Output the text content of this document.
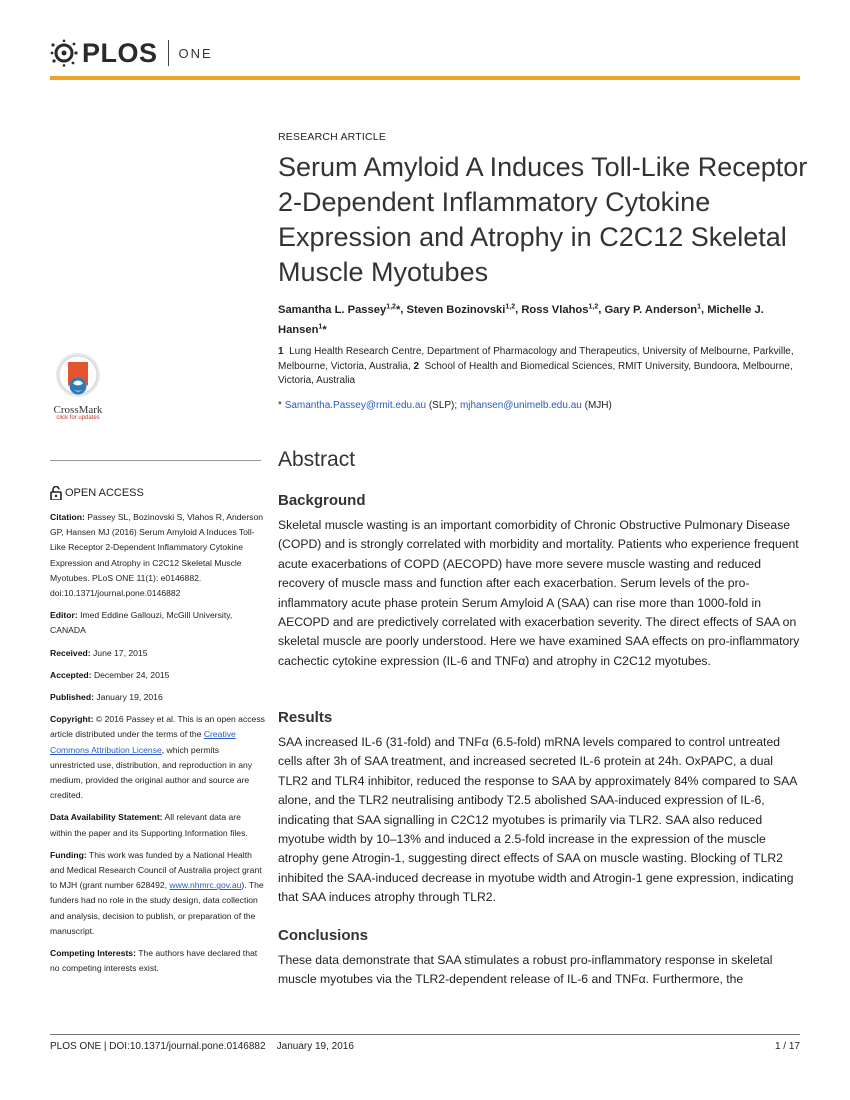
PLOS ONE
CrossMark
click for updates
OPEN ACCESS

Citation: Passey SL, Bozinovski S, Vlahos R, Anderson GP, Hansen MJ (2016) Serum Amyloid A Induces Toll-Like Receptor 2-Dependent Inflammatory Cytokine Expression and Atrophy in C2C12 Skeletal Muscle Myotubes. PLoS ONE 11(1): e0146882. doi:10.1371/journal.pone.0146882

Editor: Imed Eddine Gallouzi, McGill University, CANADA

Received: June 17, 2015

Accepted: December 24, 2015

Published: January 19, 2016

Copyright: © 2016 Passey et al. This is an open access article distributed under the terms of the Creative Commons Attribution License, which permits unrestricted use, distribution, and reproduction in any medium, provided the original author and source are credited.

Data Availability Statement: All relevant data are within the paper and its Supporting Information files.

Funding: This work was funded by a National Health and Medical Research Council of Australia project grant to MJH (grant number 628492, www.nhmrc.gov.au). The funders had no role in the study design, data collection and analysis, decision to publish, or preparation of the manuscript.

Competing Interests: The authors have declared that no competing interests exist.

RESEARCH ARTICLE
Serum Amyloid A Induces Toll-Like Receptor 2-Dependent Inflammatory Cytokine Expression and Atrophy in C2C12 Skeletal Muscle Myotubes
Samantha L. Passey$^{1,2}$*, Steven Bozinovski$^{1,2}$, Ross Vlahos$^{1,2}$, Gary P. Anderson$^1$, Michelle J. Hansen$^1$*
1 Lung Health Research Centre, Department of Pharmacology and Therapeutics, University of Melbourne, Parkville, Melbourne, Victoria, Australia, 2 School of Health and Biomedical Sciences, RMIT University, Bundoora, Melbourne, Victoria, Australia
* Samantha.Passey@rmit.edu.au (SLP); mjhansen@unimelb.edu.au (MJH)
Abstract
Background

Skeletal muscle wasting is an important comorbidity of Chronic Obstructive Pulmonary Disease (COPD) and is strongly correlated with morbidity and mortality. Patients who experience frequent acute exacerbations of COPD (AECOPD) have more severe muscle wasting and reduced recovery of muscle mass and function after each exacerbation. Serum levels of the pro-inflammatory acute phase protein Serum Amyloid A (SAA) can rise more than 1000-fold in AECOPD and are predictively correlated with exacerbation severity. The direct effects of SAA on skeletal muscle are poorly understood. Here we have examined SAA effects on pro-inflammatory cachectic cytokine expression (IL-6 and TNFα) and atrophy in C2C12 myotubes.

Results

SAA increased IL-6 (31-fold) and TNFα (6.5-fold) mRNA levels compared to control untreated cells after 3h of SAA treatment, and increased secreted IL-6 protein at 24h. OxPAPC, a dual TLR2 and TLR4 inhibitor, reduced the response to SAA by approximately 84% compared to SAA alone, and the TLR2 neutralising antibody T2.5 abolished SAA-induced expression of IL-6, indicating that SAA signalling in C2C12 myotubes is primarily via TLR2. SAA also reduced myotube width by 10–13% and induced a 2.5-fold increase in the expression of the muscle atrophy gene Atrogin-1, suggesting direct effects of SAA on muscle wasting. Blocking of TLR2 inhibited the SAA-induced decrease in myotube width and Atrogin-1 gene expression, indicating that SAA induces atrophy through TLR2.

Conclusions

These data demonstrate that SAA stimulates a robust pro-inflammatory response in skeletal muscle myotubes via the TLR2-dependent release of IL-6 and TNFα. Furthermore, the

PLOS ONE | DOI:10.1371/journal.pone.0146882    January 19, 2016	1 / 17
